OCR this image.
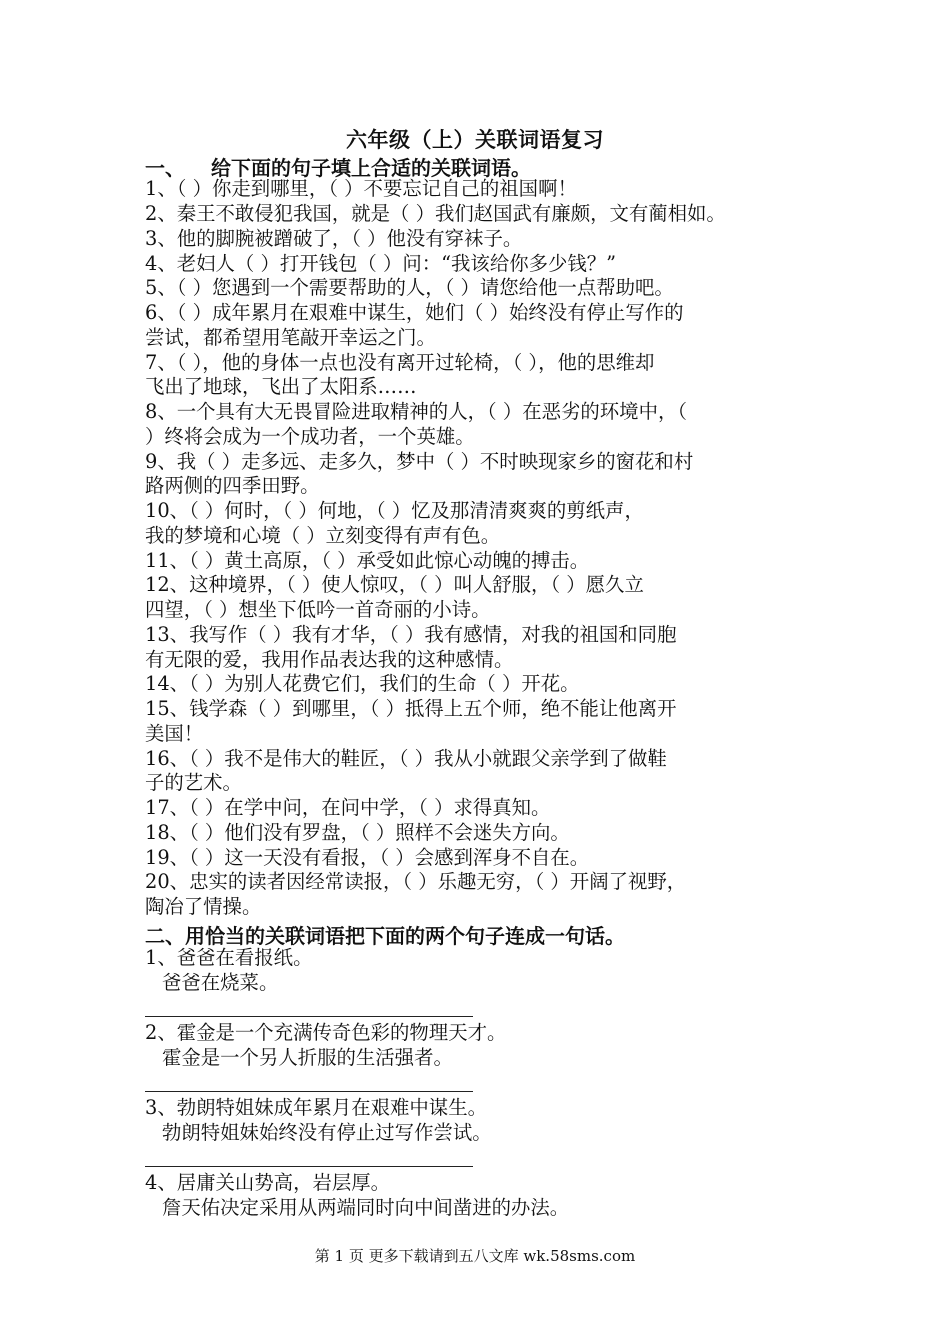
六年级（上）关联词语复习
一、 给下面的句子填上合适的关联词语。
1、（ ）你走到哪里，（ ）不要忘记自己的祖国啊！
2、秦王不敢侵犯我国，就是（ ）我们赵国武有廉颇，文有蔺相如。
3、他的脚腕被蹭破了，（ ）他没有穿袜子。
4、老妇人（ ）打开钱包（ ）问：“我该给你多少钱？”
5、（ ）您遇到一个需要帮助的人，（ ）请您给他一点帮助吧。
6、（ ）成年累月在艰难中谋生，她们（ ）始终没有停止写作的
尝试，都希望用笔敲开幸运之门。
7、（ ），他的身体一点也没有离开过轮椅，（ ），他的思维却
飞出了地球，飞出了太阳系……
8、一个具有大无畏冒险进取精神的人，（ ）在恶劣的环境中，（
）终将会成为一个成功者，一个英雄。
9、我（ ）走多远、走多久，梦中（ ）不时映现家乡的窗花和村
路两侧的四季田野。
10、（ ）何时，（ ）何地，（ ）忆及那清清爽爽的剪纸声，
我的梦境和心境（ ）立刻变得有声有色。
11、（ ）黄土高原，（ ）承受如此惊心动魄的搏击。
12、这种境界，（ ）使人惊叹，（ ）叫人舒服，（ ）愿久立
四望，（ ）想坐下低吟一首奇丽的小诗。
13、我写作（ ）我有才华，（ ）我有感情，对我的祖国和同胞
有无限的爱，我用作品表达我的这种感情。
14、（ ）为别人花费它们，我们的生命（ ）开花。
15、钱学森（ ）到哪里，（ ）抵得上五个师，绝不能让他离开
美国！
16、（ ）我不是伟大的鞋匠，（ ）我从小就跟父亲学到了做鞋
子的艺术。
17、（ ）在学中问，在问中学，（ ）求得真知。
18、（ ）他们没有罗盘，（ ）照样不会迷失方向。
19、（ ）这一天没有看报，（ ）会感到浑身不自在。
20、忠实的读者因经常读报，（ ）乐趣无穷，（ ）开阔了视野，
陶冶了情操。
二、用恰当的关联词语把下面的两个句子连成一句话。
1、爸爸在看报纸。
爸爸在烧菜。
2、霍金是一个充满传奇色彩的物理天才。
霍金是一个另人折服的生活强者。
3、勃朗特姐妹成年累月在艰难中谋生。
勃朗特姐妹始终没有停止过写作尝试。
4、居庸关山势高，岩层厚。
詹天佑决定采用从两端同时向中间凿进的办法。
第 1 页 更多下载请到五八文库 wk.58sms.com
